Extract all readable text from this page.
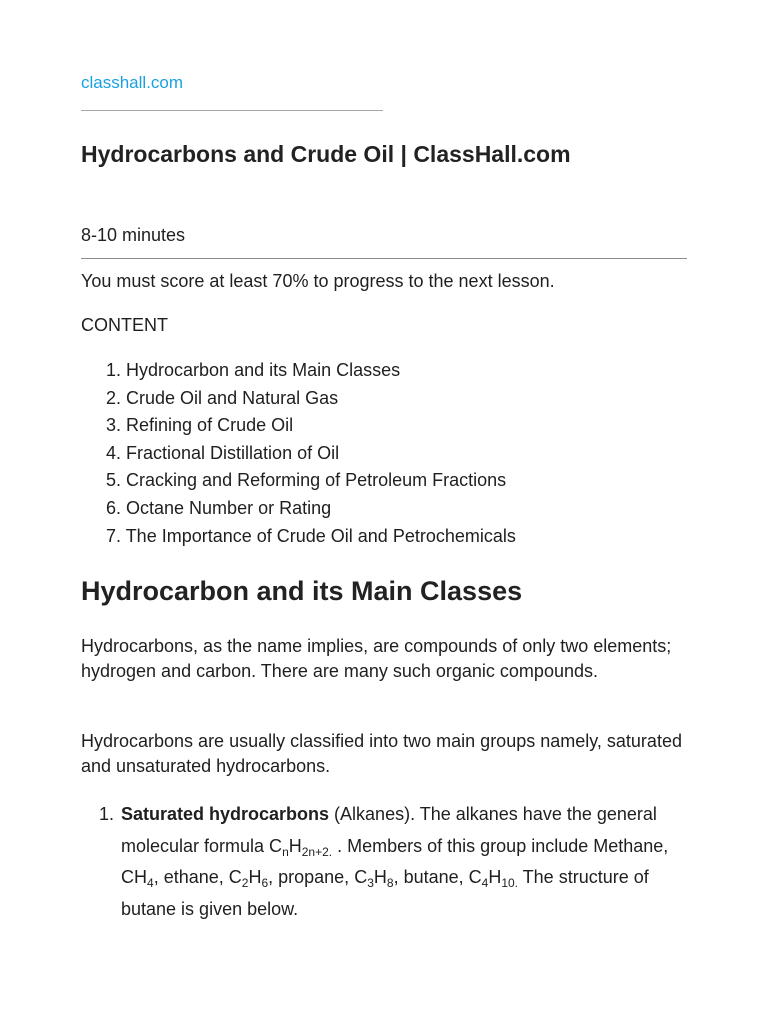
classhall.com
Hydrocarbons and Crude Oil | ClassHall.com
8-10 minutes

You must score at least 70% to progress to the next lesson.

CONTENT

1. Hydrocarbon and its Main Classes
2. Crude Oil and Natural Gas
3. Refining of Crude Oil
4. Fractional Distillation of Oil
5. Cracking and Reforming of Petroleum Fractions
6. Octane Number or Rating
7. The Importance of Crude Oil and Petrochemicals
Hydrocarbon and its Main Classes

Hydrocarbons, as the name implies, are compounds of only two elements; hydrogen and carbon. There are many such organic compounds.

Hydrocarbons are usually classified into two main groups namely, saturated and unsaturated hydrocarbons.

1. Saturated hydrocarbons (Alkanes). The alkanes have the general molecular formula $C_nH_{2n+2.}$ . Members of this group include Methane, $CH_4$, ethane, $C_2H_6$, propane, $C_3H_8$, butane, $C_4H_{10.}$ The structure of butane is given below.
